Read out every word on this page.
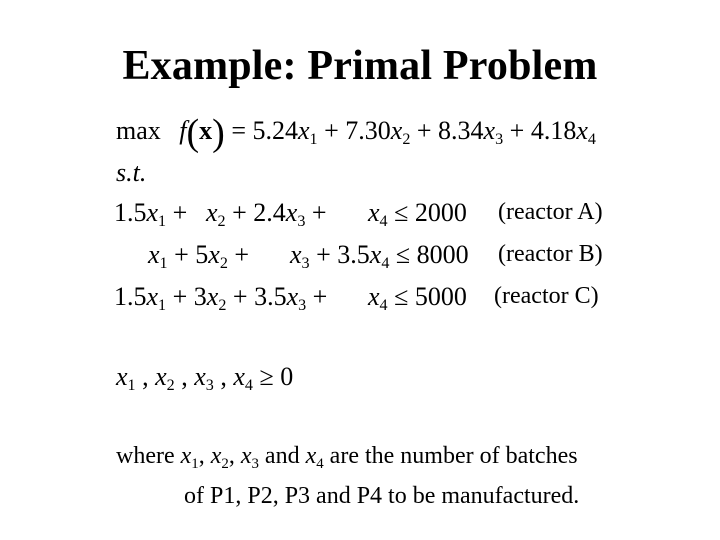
Example: Primal Problem
$\max f(x) = 5.24x_1 + 7.30x_2 + 8.34x_3 + 4.18x_4$
s.t.
$1.5x_1 + x_2 + 2.4x_3 + x_4 \le 2000$ (reactor A)
$x_1 + 5x_2 + x_3 + 3.5x_4 \le 8000$ (reactor B)
$1.5x_1 + 3x_2 + 3.5x_3 + x_4 \le 5000$ (reactor C)
$x_1$ , $x_2$ , $x_3$ , $x_4 \ge 0$
where $x_1$, $x_2$, $x_3$ and $x_4$ are the number of batches
of P1, P2, P3 and P4 to be manufactured.
